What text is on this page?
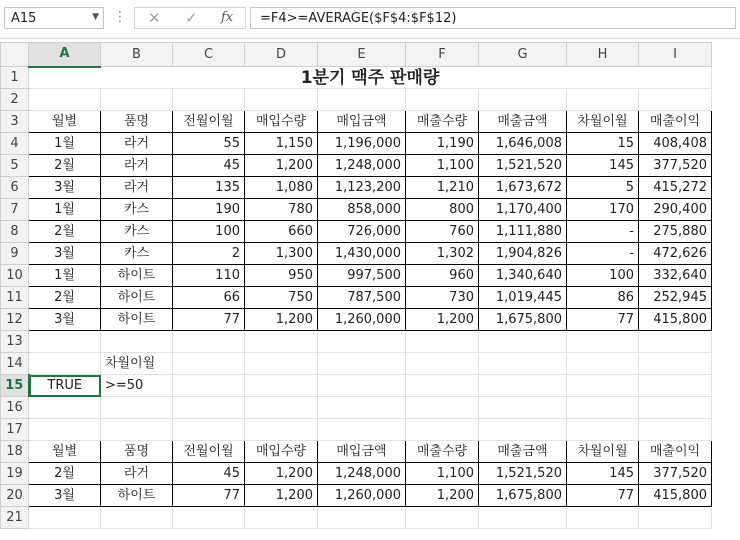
A15	▼ ⋮ ✕ ✓ fx =F4>=AVERAGE($F$4:$F$12)
	A	B	C	D	E	F	G	H	I
1	1분기 맥주 판매량								
2									
3	월별	품명	전월이월	매입수량	매입금액	매출수량	매출금액	차월이월	매출이익
4	1월	라거	55	1,150	1,196,000	1,190	1,646,008	15	408,408
5	2월	라거	45	1,200	1,248,000	1,100	1,521,520	145	377,520
6	3월	라거	135	1,080	1,123,200	1,210	1,673,672	5	415,272
7	1월	카스	190	780	858,000	800	1,170,400	170	290,400
8	2월	카스	100	660	726,000	760	1,111,880	-	275,880
9	3월	카스	2	1,300	1,430,000	1,302	1,904,826	-	472,626
10	1월	하이트	110	950	997,500	960	1,340,640	100	332,640
11	2월	하이트	66	750	787,500	730	1,019,445	86	252,945
12	3월	하이트	77	1,200	1,260,000	1,200	1,675,800	77	415,800
13									
14		차월이월							
15	TRUE	>=50							
16									
17									
18	월별	품명	전월이월	매입수량	매입금액	매출수량	매출금액	차월이월	매출이익
19	2월	라거	45	1,200	1,248,000	1,100	1,521,520	145	377,520
20	3월	하이트	77	1,200	1,260,000	1,200	1,675,800	77	415,800
21									
